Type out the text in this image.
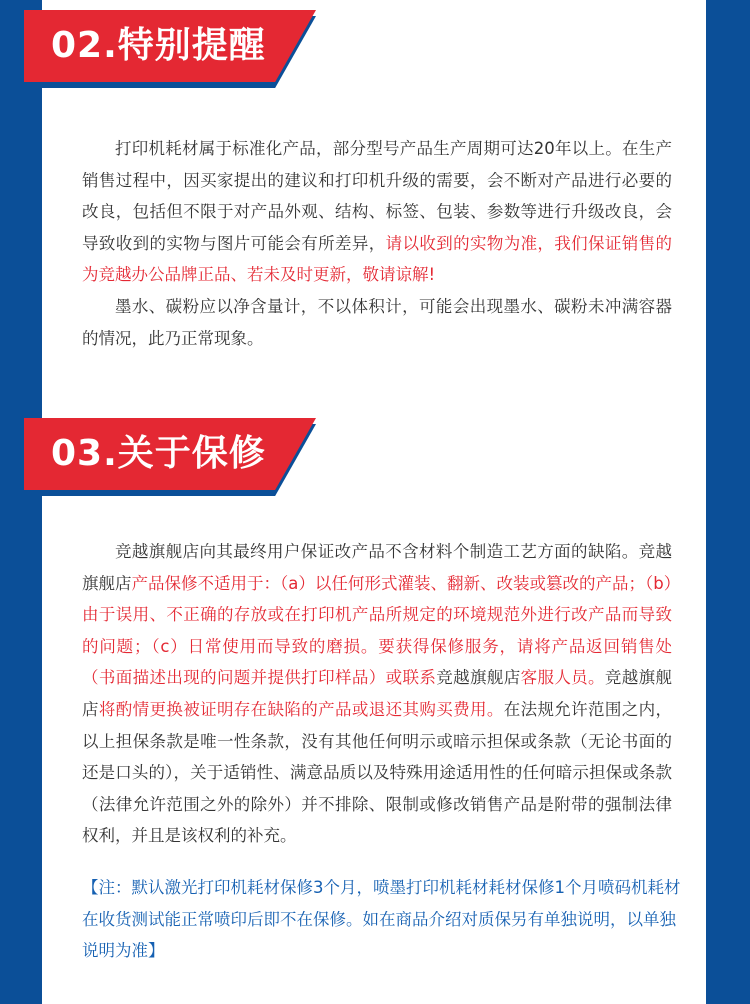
02.特别提醒

打印机耗材属于标准化产品，部分型号产品生产周期可达20年以上。在生产销售过程中，因买家提出的建议和打印机升级的需要，会不断对产品进行必要的改良，包括但不限于对产品外观、结构、标签、包装、参数等进行升级改良，会导致收到的实物与图片可能会有所差异，请以收到的实物为准，我们保证销售的为竞越办公品牌正品、若未及时更新，敬请谅解!

墨水、碳粉应以净含量计，不以体积计，可能会出现墨水、碳粉未冲满容器的情况，此乃正常现象。

03.关于保修

竞越旗舰店向其最终用户保证改产品不含材料个制造工艺方面的缺陷。竞越旗舰店产品保修不适用于：（a）以任何形式灌装、翻新、改装或篡改的产品；（b）由于误用、不正确的存放或在打印机产品所规定的环境规范外进行改产品而导致的问题；（c）日常使用而导致的磨损。要获得保修服务，请将产品返回销售处（书面描述出现的问题并提供打印样品）或联系竞越旗舰店客服人员。竞越旗舰店将酌情更换被证明存在缺陷的产品或退还其购买费用。在法规允许范围之内，以上担保条款是唯一性条款，没有其他任何明示或暗示担保或条款（无论书面的还是口头的），关于适销性、满意品质以及特殊用途适用性的任何暗示担保或条款（法律允许范围之外的除外）并不排除、限制或修改销售产品是附带的强制法律权利，并且是该权利的补充。

【注：默认激光打印机耗材保修3个月，喷墨打印机耗材耗材保修1个月喷码机耗材在收货测试能正常喷印后即不在保修。如在商品介绍对质保另有单独说明，以单独说明为准】
